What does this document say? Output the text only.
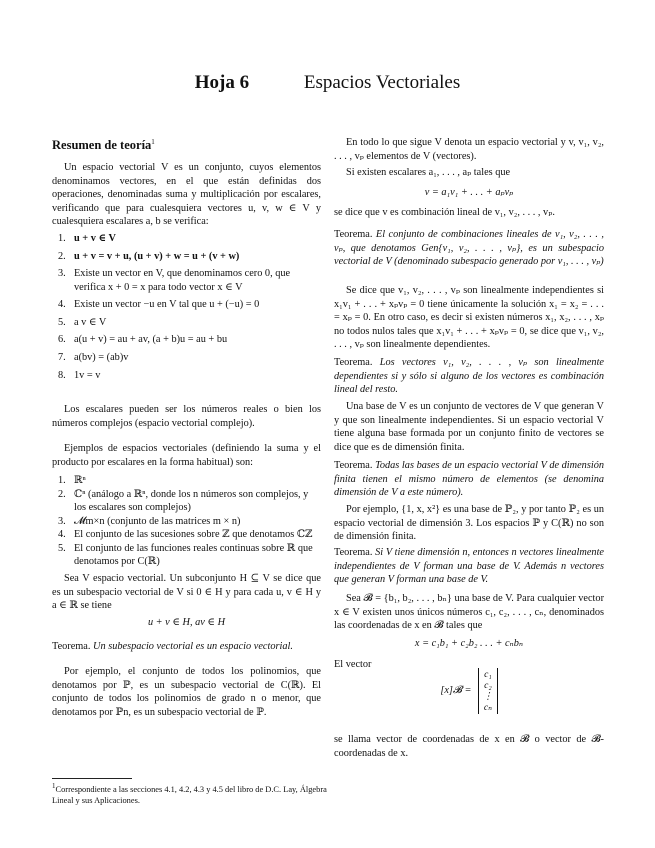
Hoja 6	Espacios Vectoriales
Resumen de teoría$^1$

Un espacio vectorial V es un conjunto, cuyos elementos denominamos vectores, en el que están definidas dos operaciones, denominadas suma y multiplicación por escalares, verificando que para cualesquiera vectores u, v, w ∈ V y cualesquiera escalares a, b se verifica:

1. u + v ∈ V
2. u + v = v + u, (u + v) + w = u + (v + w)
3. Existe un vector en V, que denominamos cero 0, que verifica x + 0 = x para todo vector x ∈ V
4. Existe un vector −u en V tal que u + (−u) = 0
5. a v ∈ V
6. a(u + v) = au + av, (a + b)u = au + bu
7. a(bv) = (ab)v
8. 1v = v

Los escalares pueden ser los números reales o bien los números complejos (espacio vectorial complejo).

Ejemplos de espacios vectoriales (definiendo la suma y el producto por escalares en la forma habitual) son:

1. ℝⁿ
2. ℂⁿ (análogo a ℝⁿ, donde los n números son complejos, y los escalares son complejos)
3. 𝓜m×n (conjunto de las matrices m × n)
4. El conjunto de las sucesiones sobre ℤ que denotamos ℂℤ
5. El conjunto de las funciones reales continuas sobre ℝ que denotamos por C(ℝ)

Sea V espacio vectorial. Un subconjunto H ⊆ V se dice que es un subespacio vectorial de V si 0 ∈ H y para cada u, v ∈ H y a ∈ ℝ se tiene

u + v ∈ H, av ∈ H

Teorema. Un subespacio vectorial es un espacio vectorial.

Por ejemplo, el conjunto de todos los polinomios, que denotamos por ℙ, es un subespacio vectorial de C(ℝ). El conjunto de todos los polinomios de grado n o menor, que denotamos por ℙn, es un subespacio vectorial de ℙ.

$^1$Correspondiente a las secciones 4.1, 4.2, 4.3 y 4.5 del libro de D.C. Lay, Álgebra Lineal y sus Aplicaciones.

En todo lo que sigue V denota un espacio vectorial y v, v₁, v₂, . . . , vₚ elementos de V (vectores).

Si existen escalares a₁, . . . , aₚ tales que

v = a₁v₁ + . . . + aₚvₚ

se dice que v es combinación lineal de v₁, v₂, . . . , vₚ.

Teorema. El conjunto de combinaciones lineales de v₁, v₂, . . . , vₚ, que denotamos Gen{v₁, v₂, . . . , vₚ}, es un subespacio vectorial de V (denominado subespacio generado por v₁, . . . , vₚ)

Se dice que v₁, v₂, . . . , vₚ son linealmente independientes si x₁v₁ + . . . + xₚvₚ = 0 tiene únicamente la solución x₁ = x₂ = . . . = xₚ = 0. En otro caso, es decir si existen números x₁, x₂, . . . , xₚ no todos nulos tales que x₁v₁ + . . . + xₚvₚ = 0, se dice que v₁, v₂, . . . , vₚ son linealmente dependientes.

Teorema. Los vectores v₁, v₂, . . . , vₚ son linealmente dependientes si y sólo si alguno de los vectores es combinación lineal del resto.

Una base de V es un conjunto de vectores de V que generan V y que son linealmente independientes. Si un espacio vectorial V tiene alguna base formada por un conjunto finito de vectores se dice que es de dimensión finita.

Teorema. Todas las bases de un espacio vectorial V de dimensión finita tienen el mismo número de elementos (se denomina dimensión de V a este número).

Por ejemplo, {1, x, x²} es una base de ℙ₂, y por tanto ℙ₂ es un espacio vectorial de dimensión 3. Los espacios ℙ y C(ℝ) no son de dimensión finita.

Teorema. Si V tiene dimensión n, entonces n vectores linealmente independientes de V forman una base de V. Además n vectores que generan V forman una base de V.

Sea 𝓑 = {b₁, b₂, . . . , bₙ} una base de V. Para cualquier vector x ∈ V existen unos únicos números c₁, c₂, . . . , cₙ, denominados las coordenadas de x en 𝓑 tales que

x = c₁b₁ + c₂b₂ . . . + cₙbₙ

El vector

[x]𝓑 =
c₁
c₂
⋮
cₙ

se llama vector de coordenadas de x en 𝓑 o vector de 𝓑-coordenadas de x.
